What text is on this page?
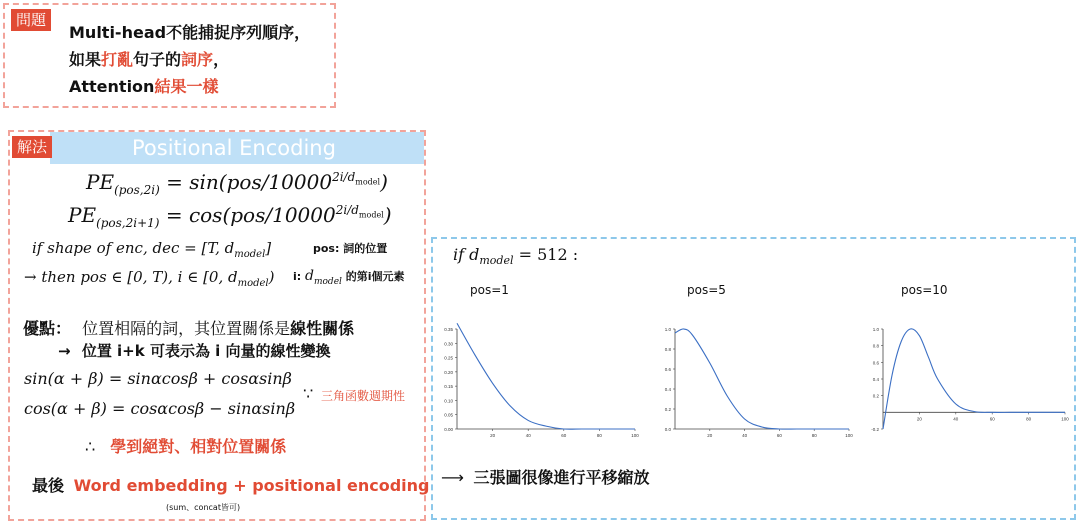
問題
Multi-head不能捕捉序列順序，
如果打亂句子的詞序，
Attention結果一樣
Positional Encoding
解法
$PE_{(pos,2i)} = \sin(pos/10000^{2i/d_{model}})$
$PE_{(pos,2i+1)} = \cos(pos/10000^{2i/d_{model}})$
if shape of enc, dec = [T, $d_{model}$]	pos: 詞的位置
→ then pos ∈ [0, T), i ∈ [0, $d_{model}$) i: $d_{model}$ 的第i個元素
優點： 位置相隔的詞，其位置關係是線性關係
→ 位置 i+k 可表示為 i 向量的線性變換
sin(α + β) = sinαcosβ + cosαsinβ
cos(α + β) = cosαcosβ − sinαsinβ
∵ 三角函數週期性
∴ 學到絕對、相對位置關係
最後 Word embedding + positional encoding
(sum、concat皆可)
if $d_{model} = 512$ :
pos=1	pos=5	pos=10
0.00
0.05
0.10
0.15
0.20
0.25
0.30
0.35
20	40	60	80	100
0.0
0.2
0.4
0.6
0.8
1.0
20	40	60	80	100
-0.2
0.2
0.4
0.6
0.8
1.0
20	40	60	80	100
⟶ 三張圖很像進行平移縮放
